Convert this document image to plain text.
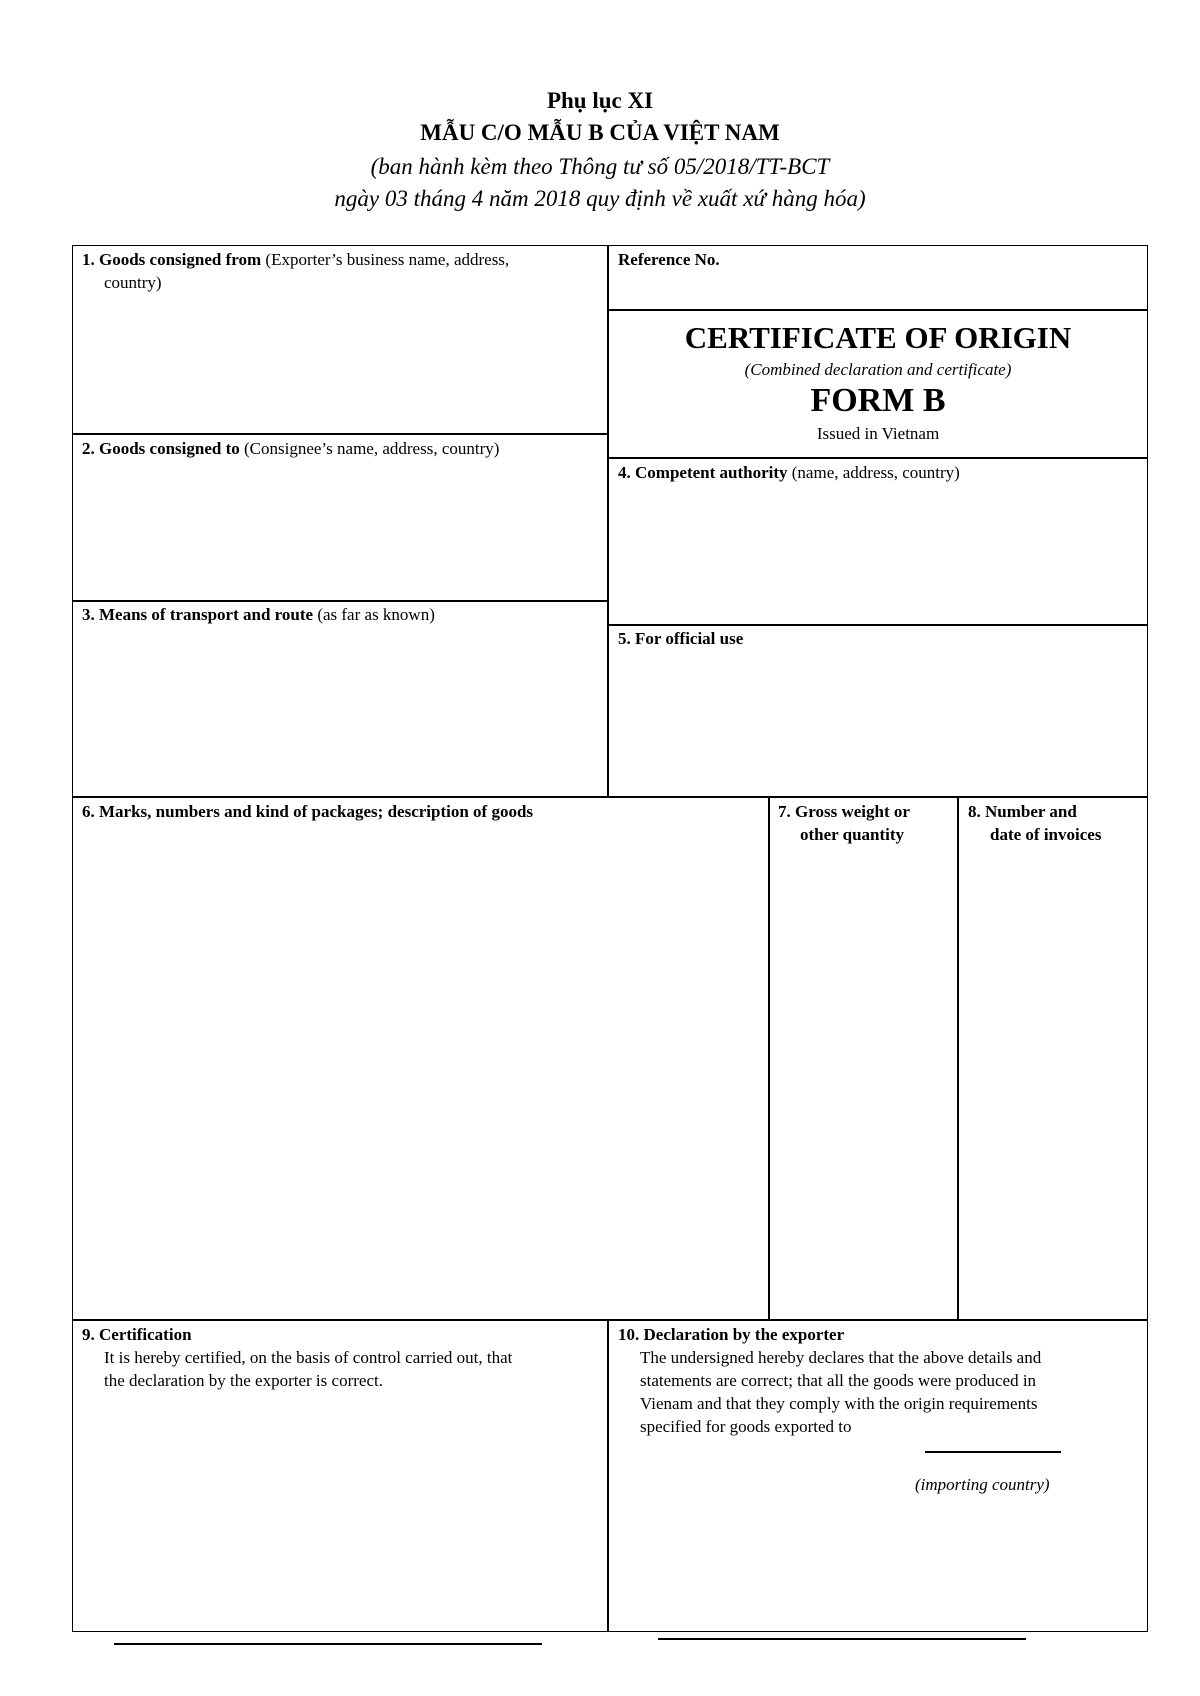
Phụ lục XI
MẪU C/O MẪU B CỦA VIỆT NAM
(ban hành kèm theo Thông tư số 05/2018/TT-BCT
ngày 03 tháng 4 năm 2018 quy định về xuất xứ hàng hóa)
1. Goods consigned from (Exporter’s business name, address,
country)
Reference No.
CERTIFICATE OF ORIGIN
(Combined declaration and certificate)
FORM B
Issued in Vietnam
2. Goods consigned to (Consignee’s name, address, country)
3. Means of transport and route (as far as known)
4. Competent authority (name, address, country)
5. For official use
6. Marks, numbers and kind of packages; description of goods	7. Gross weight or
other quantity
8. Number and
date of invoices
9. Certification
It is hereby certified, on the basis of control carried out, that
the declaration by the exporter is correct.
10. Declaration by the exporter
The undersigned hereby declares that the above details and
statements are correct; that all the goods were produced in
Vienam and that they comply with the origin requirements
specified for goods exported to
(importing country)
